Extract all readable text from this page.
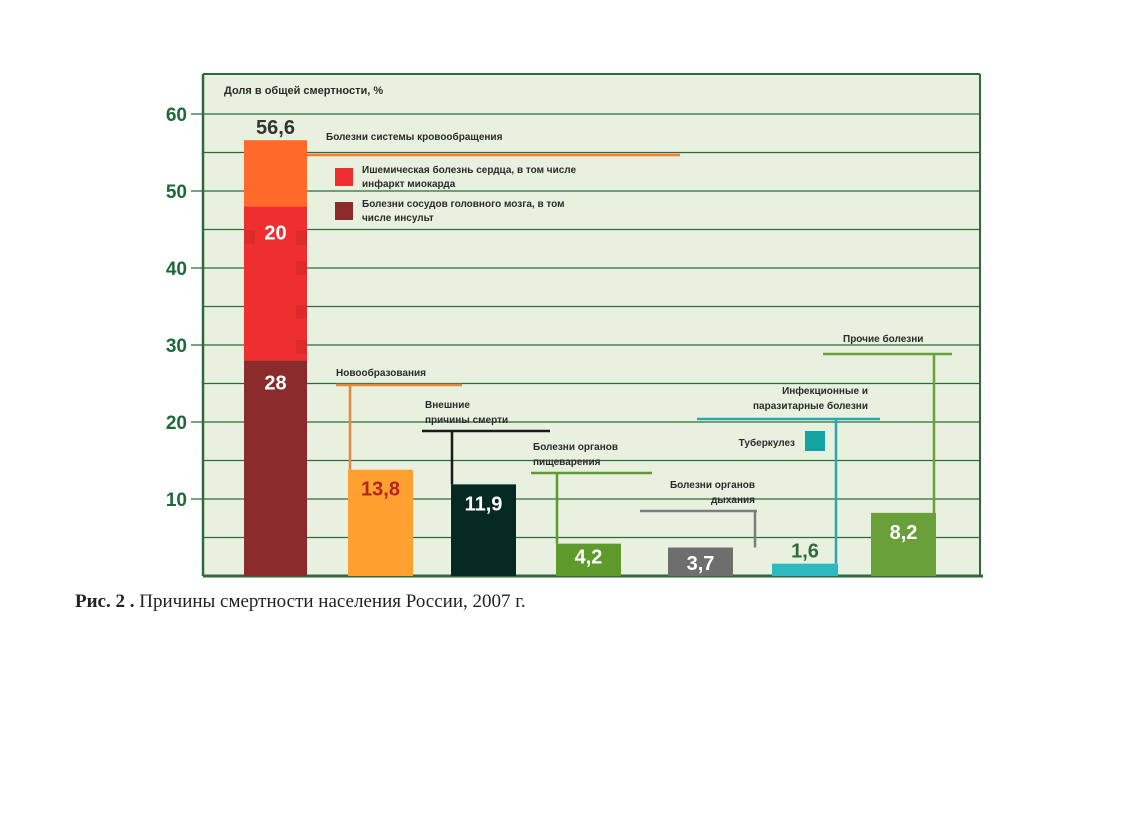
10
20
30
40
50
60
Доля в общей смертности, %
28
20
56,6	Болезни системы кровообращения
Ишемическая болезнь сердца, в том числе
инфаркт миокарда
Болезни сосудов головного мозга, в том
числе инсульт
Новообразования
13,8
Внешние
причины смерти
11,9
Болезни органов
пищеварения
4,2
Болезни органов
дыхания
3,7
Инфекционные и
паразитарные болезни
1,6
Туберкулез
Прочие болезни
8,2
Рис. 2 . Причины смертности населения России, 2007 г.
